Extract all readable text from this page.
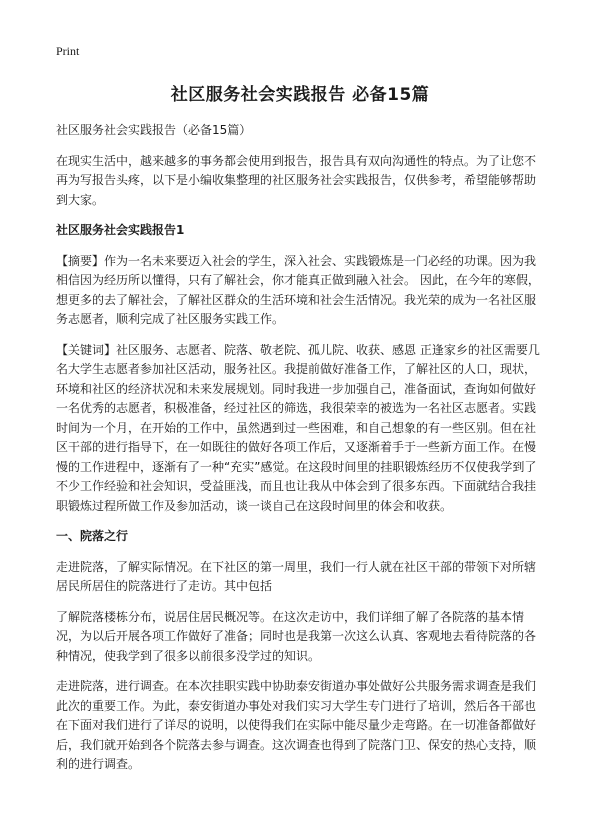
Print
社区服务社会实践报告 必备15篇

社区服务社会实践报告（必备15篇）

在现实生活中，越来越多的事务都会使用到报告，报告具有双向沟通性的特点。为了让您不再为写报告头疼，以下是小编收集整理的社区服务社会实践报告，仅供参考，希望能够帮助到大家。

社区服务社会实践报告1

【摘要】作为一名未来要迈入社会的学生，深入社会、实践锻炼是一门必经的功课。因为我相信因为经历所以懂得，只有了解社会，你才能真正做到融入社会。 因此，在今年的寒假，想更多的去了解社会，了解社区群众的生活环境和社会生活情况。我光荣的成为一名社区服务志愿者，顺利完成了社区服务实践工作。

【关键词】社区服务、志愿者、院落、敬老院、孤儿院、收获、感恩 正逢家乡的社区需要几名大学生志愿者参加社区活动，服务社区。我提前做好准备工作，了解社区的人口，现状，环境和社区的经济状况和未来发展规划。同时我进一步加强自己，准备面试，查询如何做好一名优秀的志愿者，积极准备，经过社区的筛选，我很荣幸的被选为一名社区志愿者。实践时间为一个月，在开始的工作中，虽然遇到过一些困难，和自己想象的有一些区别。但在社区干部的进行指导下，在一如既往的做好各项工作后，又逐渐着手于一些新方面工作。在慢慢的工作进程中，逐渐有了一种“充实”感觉。在这段时间里的挂职锻炼经历不仅使我学到了不少工作经验和社会知识，受益匪浅，而且也让我从中体会到了很多东西。下面就结合我挂职锻炼过程所做工作及参加活动，谈一谈自己在这段时间里的体会和收获。

一、院落之行

走进院落，了解实际情况。在下社区的第一周里，我们一行人就在社区干部的带领下对所辖居民所居住的院落进行了走访。其中包括

了解院落楼栋分布，说居住居民概况等。在这次走访中，我们详细了解了各院落的基本情况，为以后开展各项工作做好了准备；同时也是我第一次这么认真、客观地去看待院落的各种情况，使我学到了很多以前很多没学过的知识。

走进院落，进行调查。在本次挂职实践中协助泰安街道办事处做好公共服务需求调查是我们此次的重要工作。为此，泰安街道办事处对我们实习大学生专门进行了培训，然后各干部也在下面对我们进行了详尽的说明，以使得我们在实际中能尽量少走弯路。在一切准备都做好后，我们就开始到各个院落去参与调查。这次调查也得到了院落门卫、保安的热心支持，顺利的进行调查。
